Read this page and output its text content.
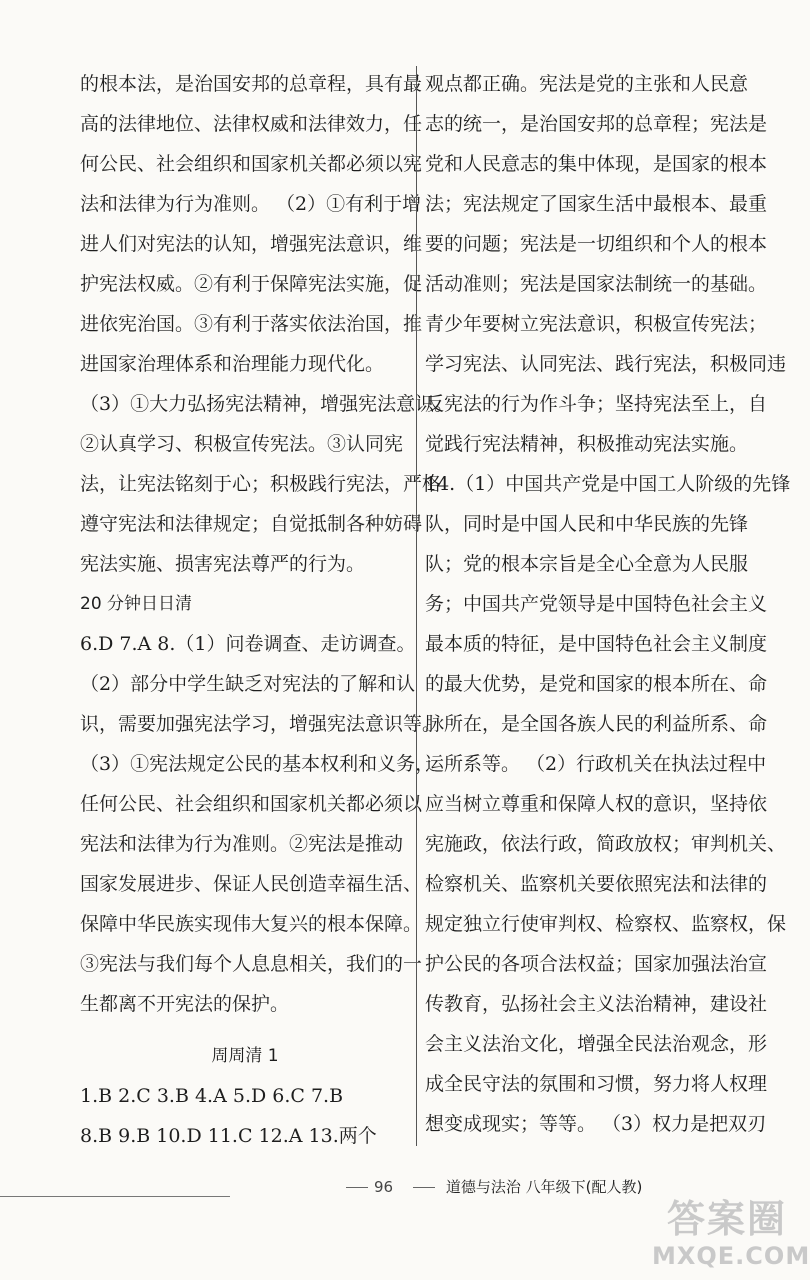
的根本法，是治国安邦的总章程，具有最
高的法律地位、法律权威和法律效力，任
何公民、社会组织和国家机关都必须以宪
法和法律为行为准则。 （2）①有利于增
进人们对宪法的认知，增强宪法意识，维
护宪法权威。②有利于保障宪法实施，促
进依宪治国。③有利于落实依法治国，推
进国家治理体系和治理能力现代化。
（3）①大力弘扬宪法精神，增强宪法意识。
②认真学习、积极宣传宪法。③认同宪
法，让宪法铭刻于心；积极践行宪法，严格
遵守宪法和法律规定；自觉抵制各种妨碍
宪法实施、损害宪法尊严的行为。
20 分钟日日清
6.D 7.A 8.（1）问卷调查、走访调查。
（2）部分中学生缺乏对宪法的了解和认
识，需要加强宪法学习，增强宪法意识等。
（3）①宪法规定公民的基本权利和义务，
任何公民、社会组织和国家机关都必须以
宪法和法律为行为准则。②宪法是推动
国家发展进步、保证人民创造幸福生活、
保障中华民族实现伟大复兴的根本保障。
③宪法与我们每个人息息相关，我们的一
生都离不开宪法的保护。
周周清 1
1.B 2.C 3.B 4.A 5.D 6.C 7.B
8.B 9.B 10.D 11.C 12.A 13.两个
观点都正确。宪法是党的主张和人民意
志的统一，是治国安邦的总章程；宪法是
党和人民意志的集中体现，是国家的根本
法；宪法规定了国家生活中最根本、最重
要的问题；宪法是一切组织和个人的根本
活动准则；宪法是国家法制统一的基础。
青少年要树立宪法意识，积极宣传宪法；
学习宪法、认同宪法、践行宪法，积极同违
反宪法的行为作斗争；坚持宪法至上，自
觉践行宪法精神，积极推动宪法实施。
14.（1）中国共产党是中国工人阶级的先锋
队，同时是中国人民和中华民族的先锋
队；党的根本宗旨是全心全意为人民服
务；中国共产党领导是中国特色社会主义
最本质的特征，是中国特色社会主义制度
的最大优势，是党和国家的根本所在、命
脉所在，是全国各族人民的利益所系、命
运所系等。 （2）行政机关在执法过程中
应当树立尊重和保障人权的意识，坚持依
宪施政，依法行政，简政放权；审判机关、
检察机关、监察机关要依照宪法和法律的
规定独立行使审判权、检察权、监察权，保
护公民的各项合法权益；国家加强法治宣
传教育，弘扬社会主义法治精神，建设社
会主义法治文化，增强全民法治观念，形
成全民守法的氛围和习惯，努力将人权理
想变成现实；等等。 （3）权力是把双刃
96	道德与法治 八年级下(配人教)
答案圈
MXQE.COM
